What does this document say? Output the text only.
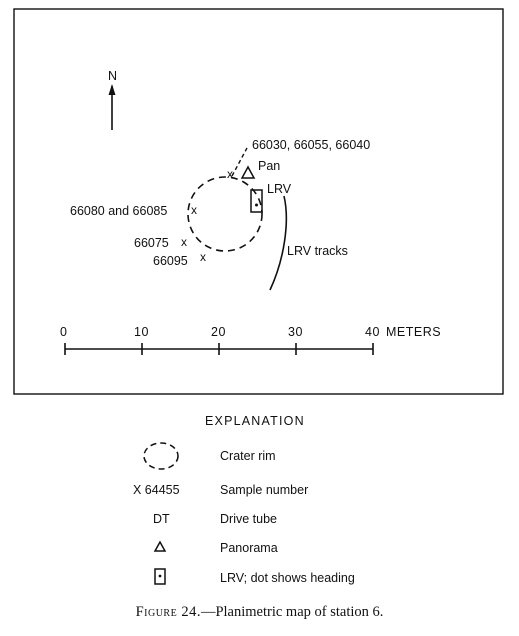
N
x
x
x
x
66030, 66055, 66040
66080 and 66085
66075
66095
Pan
LRV
LRV tracks
0	10	20	30	40 METERS
EXPLANATION
Crater rim
X 64455	Sample number
DT	Drive tube
Panorama
LRV; dot shows heading
Figure 24.—Planimetric map of station 6.
